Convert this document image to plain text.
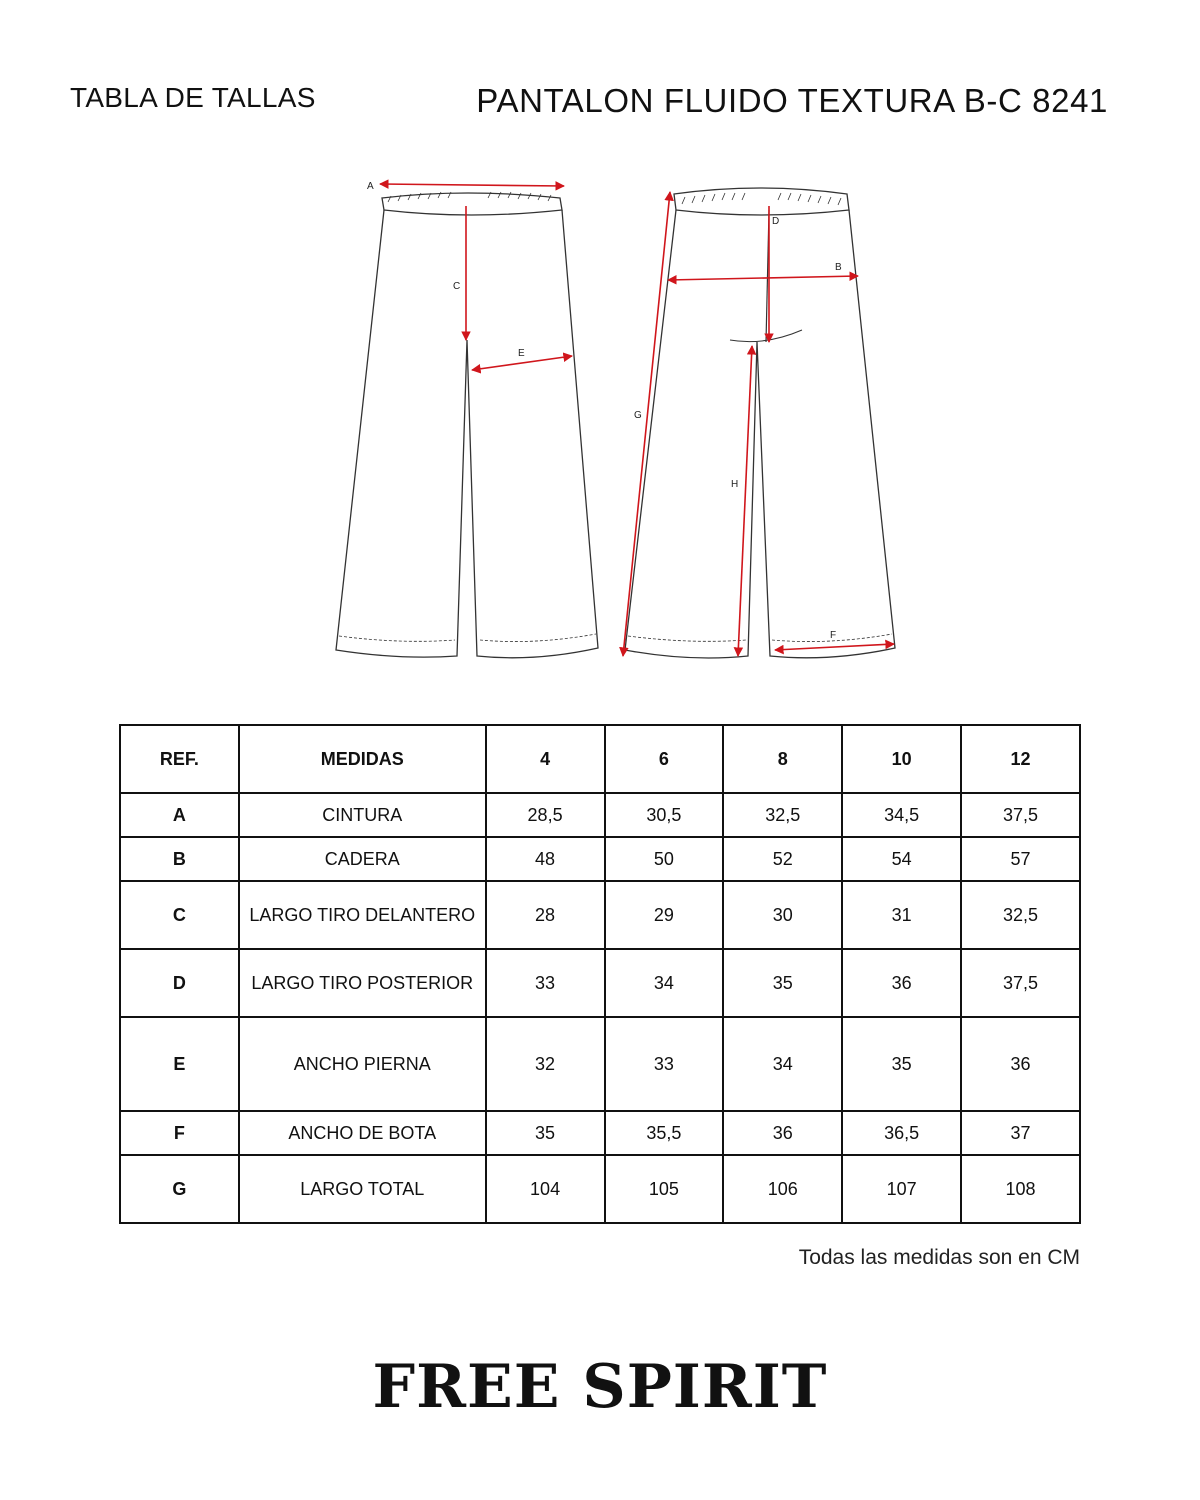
TABLA DE TALLAS	PANTALON FLUIDO TEXTURA B-C 8241
A
B
C
D
E
F
G
H
REF.	MEDIDAS	4	6	8	10	12
A	CINTURA	28,5	30,5	32,5	34,5	37,5
B	CADERA	48	50	52	54	57
C	LARGO TIRO DELANTERO	28	29	30	31	32,5
D	LARGO TIRO POSTERIOR	33	34	35	36	37,5
E	ANCHO PIERNA	32	33	34	35	36
F	ANCHO DE BOTA	35	35,5	36	36,5	37
G	LARGO TOTAL	104	105	106	107	108
Todas las medidas son en CM
FREE SPIRIT
